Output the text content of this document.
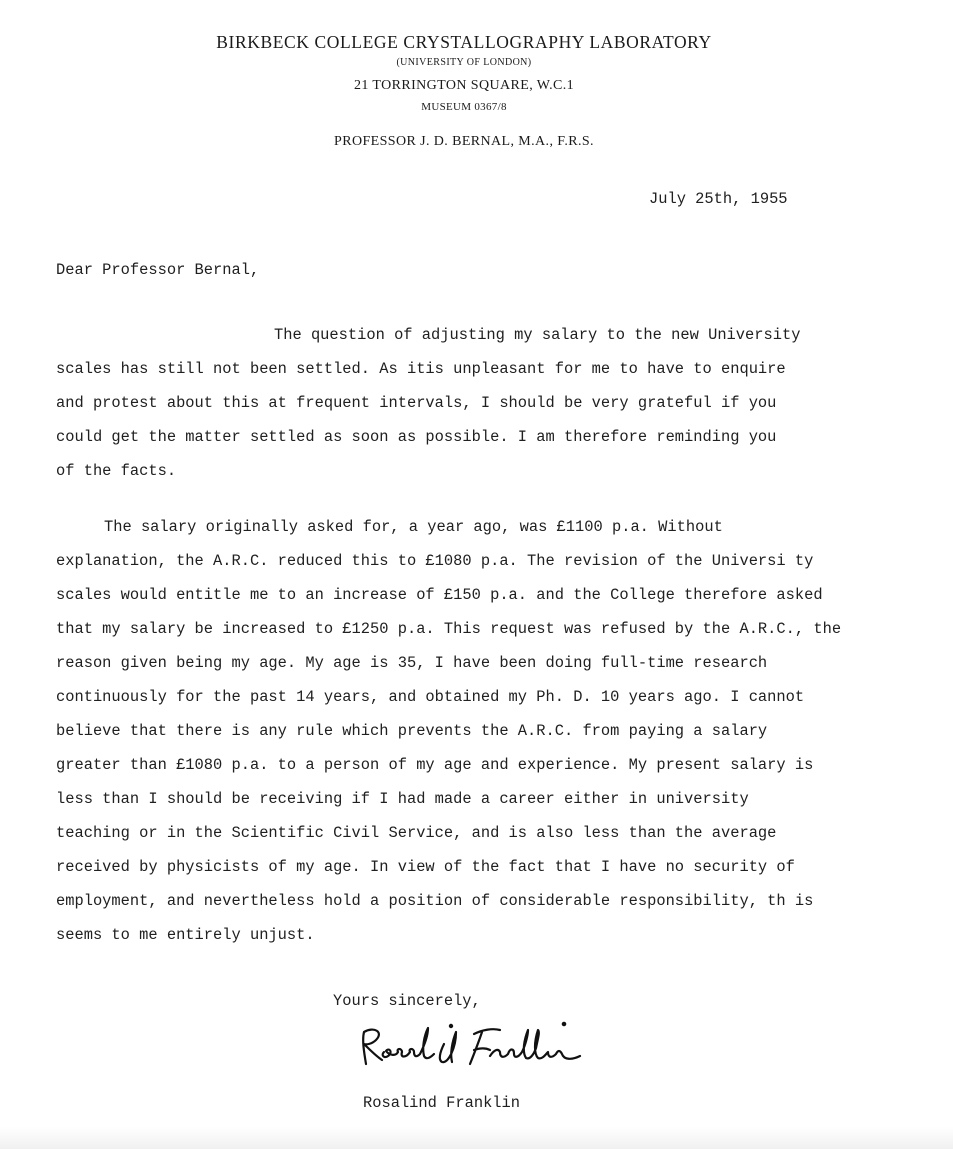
BIRKBECK COLLEGE CRYSTALLOGRAPHY LABORATORY
(UNIVERSITY OF LONDON)
21 TORRINGTON SQUARE, W.C.1
MUSEUM 0367/8
PROFESSOR J. D. BERNAL, M.A., F.R.S.
July 25th, 1955
Dear Professor Bernal,
The question of adjusting my salary to the new University
scales has still not been settled. As itis unpleasant for me to have to enquire
and protest about this at frequent intervals, I should be very grateful if you
could get the matter settled as soon as possible. I am therefore reminding you
of the facts.
The salary originally asked for, a year ago, was £1100 p.a. Without
explanation, the A.R.C. reduced this to £1080 p.a. The revision of the Universi ty
scales would entitle me to an increase of £150 p.a. and the College therefore asked
that my salary be increased to £1250 p.a. This request was refused by the A.R.C., the
reason given being my age. My age is 35, I have been doing full-time research
continuously for the past 14 years, and obtained my Ph. D. 10 years ago. I cannot
believe that there is any rule which prevents the A.R.C. from paying a salary
greater than £1080 p.a. to a person of my age and experience. My present salary is
less than I should be receiving if I had made a career either in university
teaching or in the Scientific Civil Service, and is also less than the average
received by physicists of my age. In view of the fact that I have no security of
employment, and nevertheless hold a position of considerable responsibility, th is
seems to me entirely unjust.
Yours sincerely,
Rosalind Franklin
